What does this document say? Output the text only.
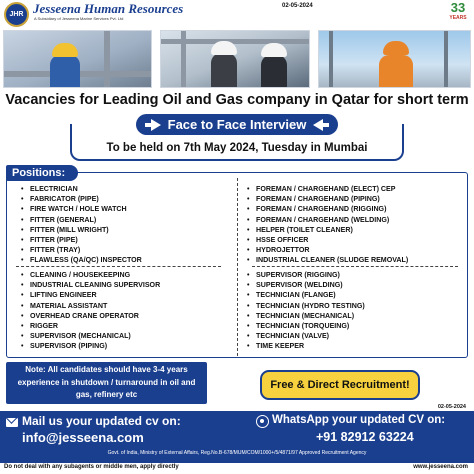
JHR Jesseena Human Resources
A Subsidiary of Jesseena Marine Services Pvt. Ltd
02-05-2024	33
YEARS
Vacancies for Leading Oil and Gas company in Qatar for short term
Face to Face Interview
To be held on 7th May 2024, Tuesday in Mumbai
Positions:
• ELECTRICIAN
• FABRICATOR (PIPE)
• FIRE WATCH / HOLE WATCH
• FITTER (GENERAL)
• FITTER (MILL WRIGHT)
• FITTER (PIPE)
• FITTER (TRAY)
• FLAWLESS (QA/QC) INSPECTOR
• CLEANING / HOUSEKEEPING
• INDUSTRIAL CLEANING SUPERVISOR
• LIFTING ENGINEER
• MATERIAL ASSISTANT
• OVERHEAD CRANE OPERATOR
• RIGGER
• SUPERVISOR (MECHANICAL)
• SUPERVISOR (PIPING)
• FOREMAN / CHARGEHAND (ELECT) CEP
• FOREMAN / CHARGEHAND (PIPING)
• FOREMAN / CHARGEHAND (RIGGING)
• FOREMAN / CHARGEHAND (WELDING)
• HELPER (TOILET CLEANER)
• HSSE OFFICER
• HYDROJETTOR
• INDUSTRIAL CLEANER (SLUDGE REMOVAL)
• SUPERVISOR (RIGGING)
• SUPERVISOR (WELDING)
• TECHNICIAN (FLANGE)
• TECHNICIAN (HYDRO TESTING)
• TECHNICIAN (MECHANICAL)
• TECHNICIAN (TORQUEING)
• TECHNICIAN (VALVE)
• TIME KEEPER
Note: All candidates should have 3-4 years experience in shutdown / turnaround in oil and gas, refinery etc
Free & Direct Recruitment!
02-05-2024
Mail us your updated cv on:
info@jesseena.com
WhatsApp your updated CV on:
+91 82912 63224
Govt. of India, Ministry of External Affairs, Reg.No.B-678/MUM/COM/1000+/5/4871/97 Approved Recruitment Agency
Do not deal with any subagents or middle men, apply directly	www.jesseena.com
